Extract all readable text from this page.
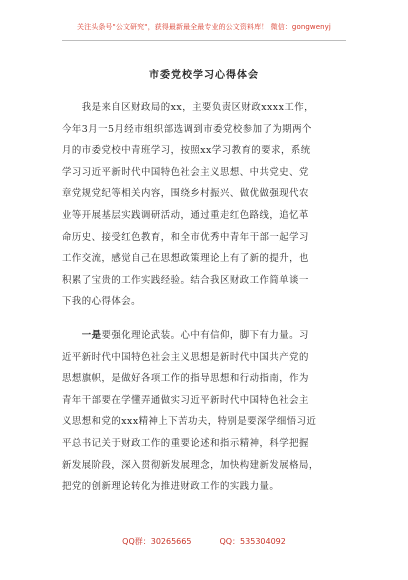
关注头条号"公文研究"，获得最新最全最专业的公文资料库！ 微信：gongwenyj
市委党校学习心得体会
　　我是来自区财政局的xx，主要负责区财政xxxx工作，
今年3月一5月经市组织部选调到市委党校参加了为期两个
月的市委党校中青班学习，按照xx学习教育的要求，系统
学习习近平新时代中国特色社会主义思想、中共党史、党
章党规党纪等相关内容，围绕乡村振兴、做优做强现代农
业等开展基层实践调研活动，通过重走红色路线，追忆革
命历史、接受红色教育，和全市优秀中青年干部一起学习
工作交流，感觉自己在思想政策理论上有了新的提升，也
积累了宝贵的工作实践经验。结合我区财政工作简单谈一
下我的心得体会。
　　一是要强化理论武装。心中有信仰，脚下有力量。习
近平新时代中国特色社会主义思想是新时代中国共产党的
思想旗帜，是做好各项工作的指导思想和行动指南，作为
青年干部要在学懂弄通做实习近平新时代中国特色社会主
义思想和党的xxx精神上下苦功夫，特别是要深学细悟习近
平总书记关于财政工作的重要论述和指示精神，科学把握
新发展阶段，深入贯彻新发展理念，加快构建新发展格局，
把党的创新理论转化为推进财政工作的实践力量。
QQ群：30265665	QQ：535304092
